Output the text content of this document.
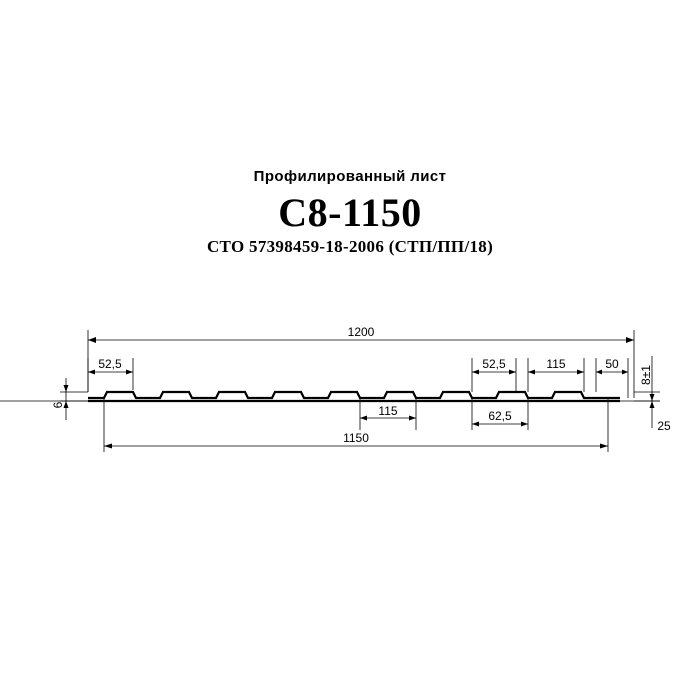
Профилированный лист
С8-1150
СТО 57398459-18-2006 (СТП/ПП/18)
1200
52,5	52,5	115	50
8±1
6
25
115	62,5
1150
